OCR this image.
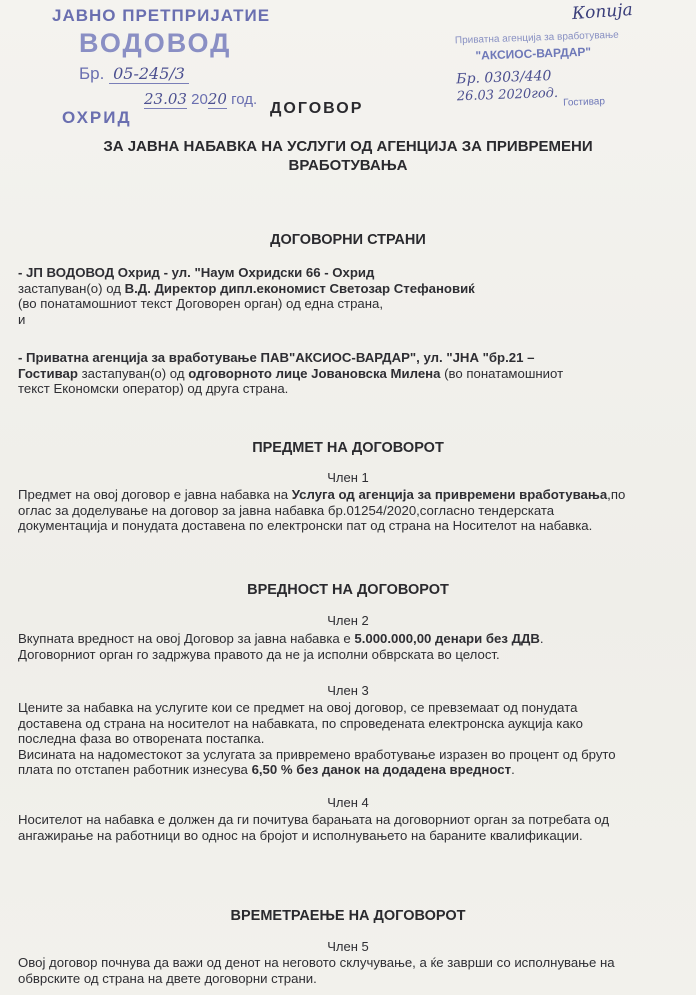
ЈАВНО ПРЕТПРИЈАТИЕ
ВОДОВОД
Бр. 05-245/3
23.03 2020 год.
ОХРИД
Копија
Приватна агенција за вработување
"АКСИОС-ВАРДАР"
Бр. 0303/440
26.03 2020год. Гостивар
ДОГОВОР
ЗА ЈАВНА НАБАВКА НА УСЛУГИ ОД АГЕНЦИЈА ЗА ПРИВРЕМЕНИ ВРАБОТУВАЊА
ДОГОВОРНИ СТРАНИ
- ЈП ВОДОВОД Охрид - ул. "Наум Охридски 66 - Охрид
застапуван(о) од В.Д. Директор дипл.економист Светозар Стефановиќ
(во понатамошниот текст Договорен орган) од една страна,
и
- Приватна агенција за вработување ПАВ"АКСИОС-ВАРДАР", ул. "ЈНА "бр.21 –
Гостивар застапуван(о) од одговорното лице Јовановска Милена (во понатамошниот
текст Економски оператор) од друга страна.
ПРЕДМЕТ НА ДОГОВОРОТ
Член 1
Предмет на овој договор е јавна набавка на Услуга од агенција за привремени вработувања,по оглас за доделување на договор за јавна набавка бр.01254/2020,согласно тендерската документација и понудата доставена по електронски пат од страна на Носителот на набавка.
ВРЕДНОСТ НА ДОГОВОРОТ
Член 2
Вкупната вредност на овој Договор за јавна набавка е 5.000.000,00 денари без ДДВ.
Договорниот орган го задржува правото да не ја исполни обврската во целост.
Член 3
Цените за набавка на услугите кои се предмет на овој договор, се превземаат од понудата доставена од страна на носителот на набавката, по спроведената електронска аукција како последна фаза во отворената постапка.
Висината на надоместокот за услугата за привремено вработување изразен во процент од бруто плата по отстапен работник изнесува 6,50 % без данок на додадена вредност.
Член 4
Носителот на набавка е должен да ги почитува барањата на договорниот орган за потребата од ангажирање на работници во однос на бројот и исполнувањето на бараните квалификации.
ВРЕМЕТРАЕЊЕ НА ДОГОВОРОТ
Член 5
Овој договор почнува да важи од денот на неговото склучување, а ќе заврши со исполнување на обврските од страна на двете договорни страни.
